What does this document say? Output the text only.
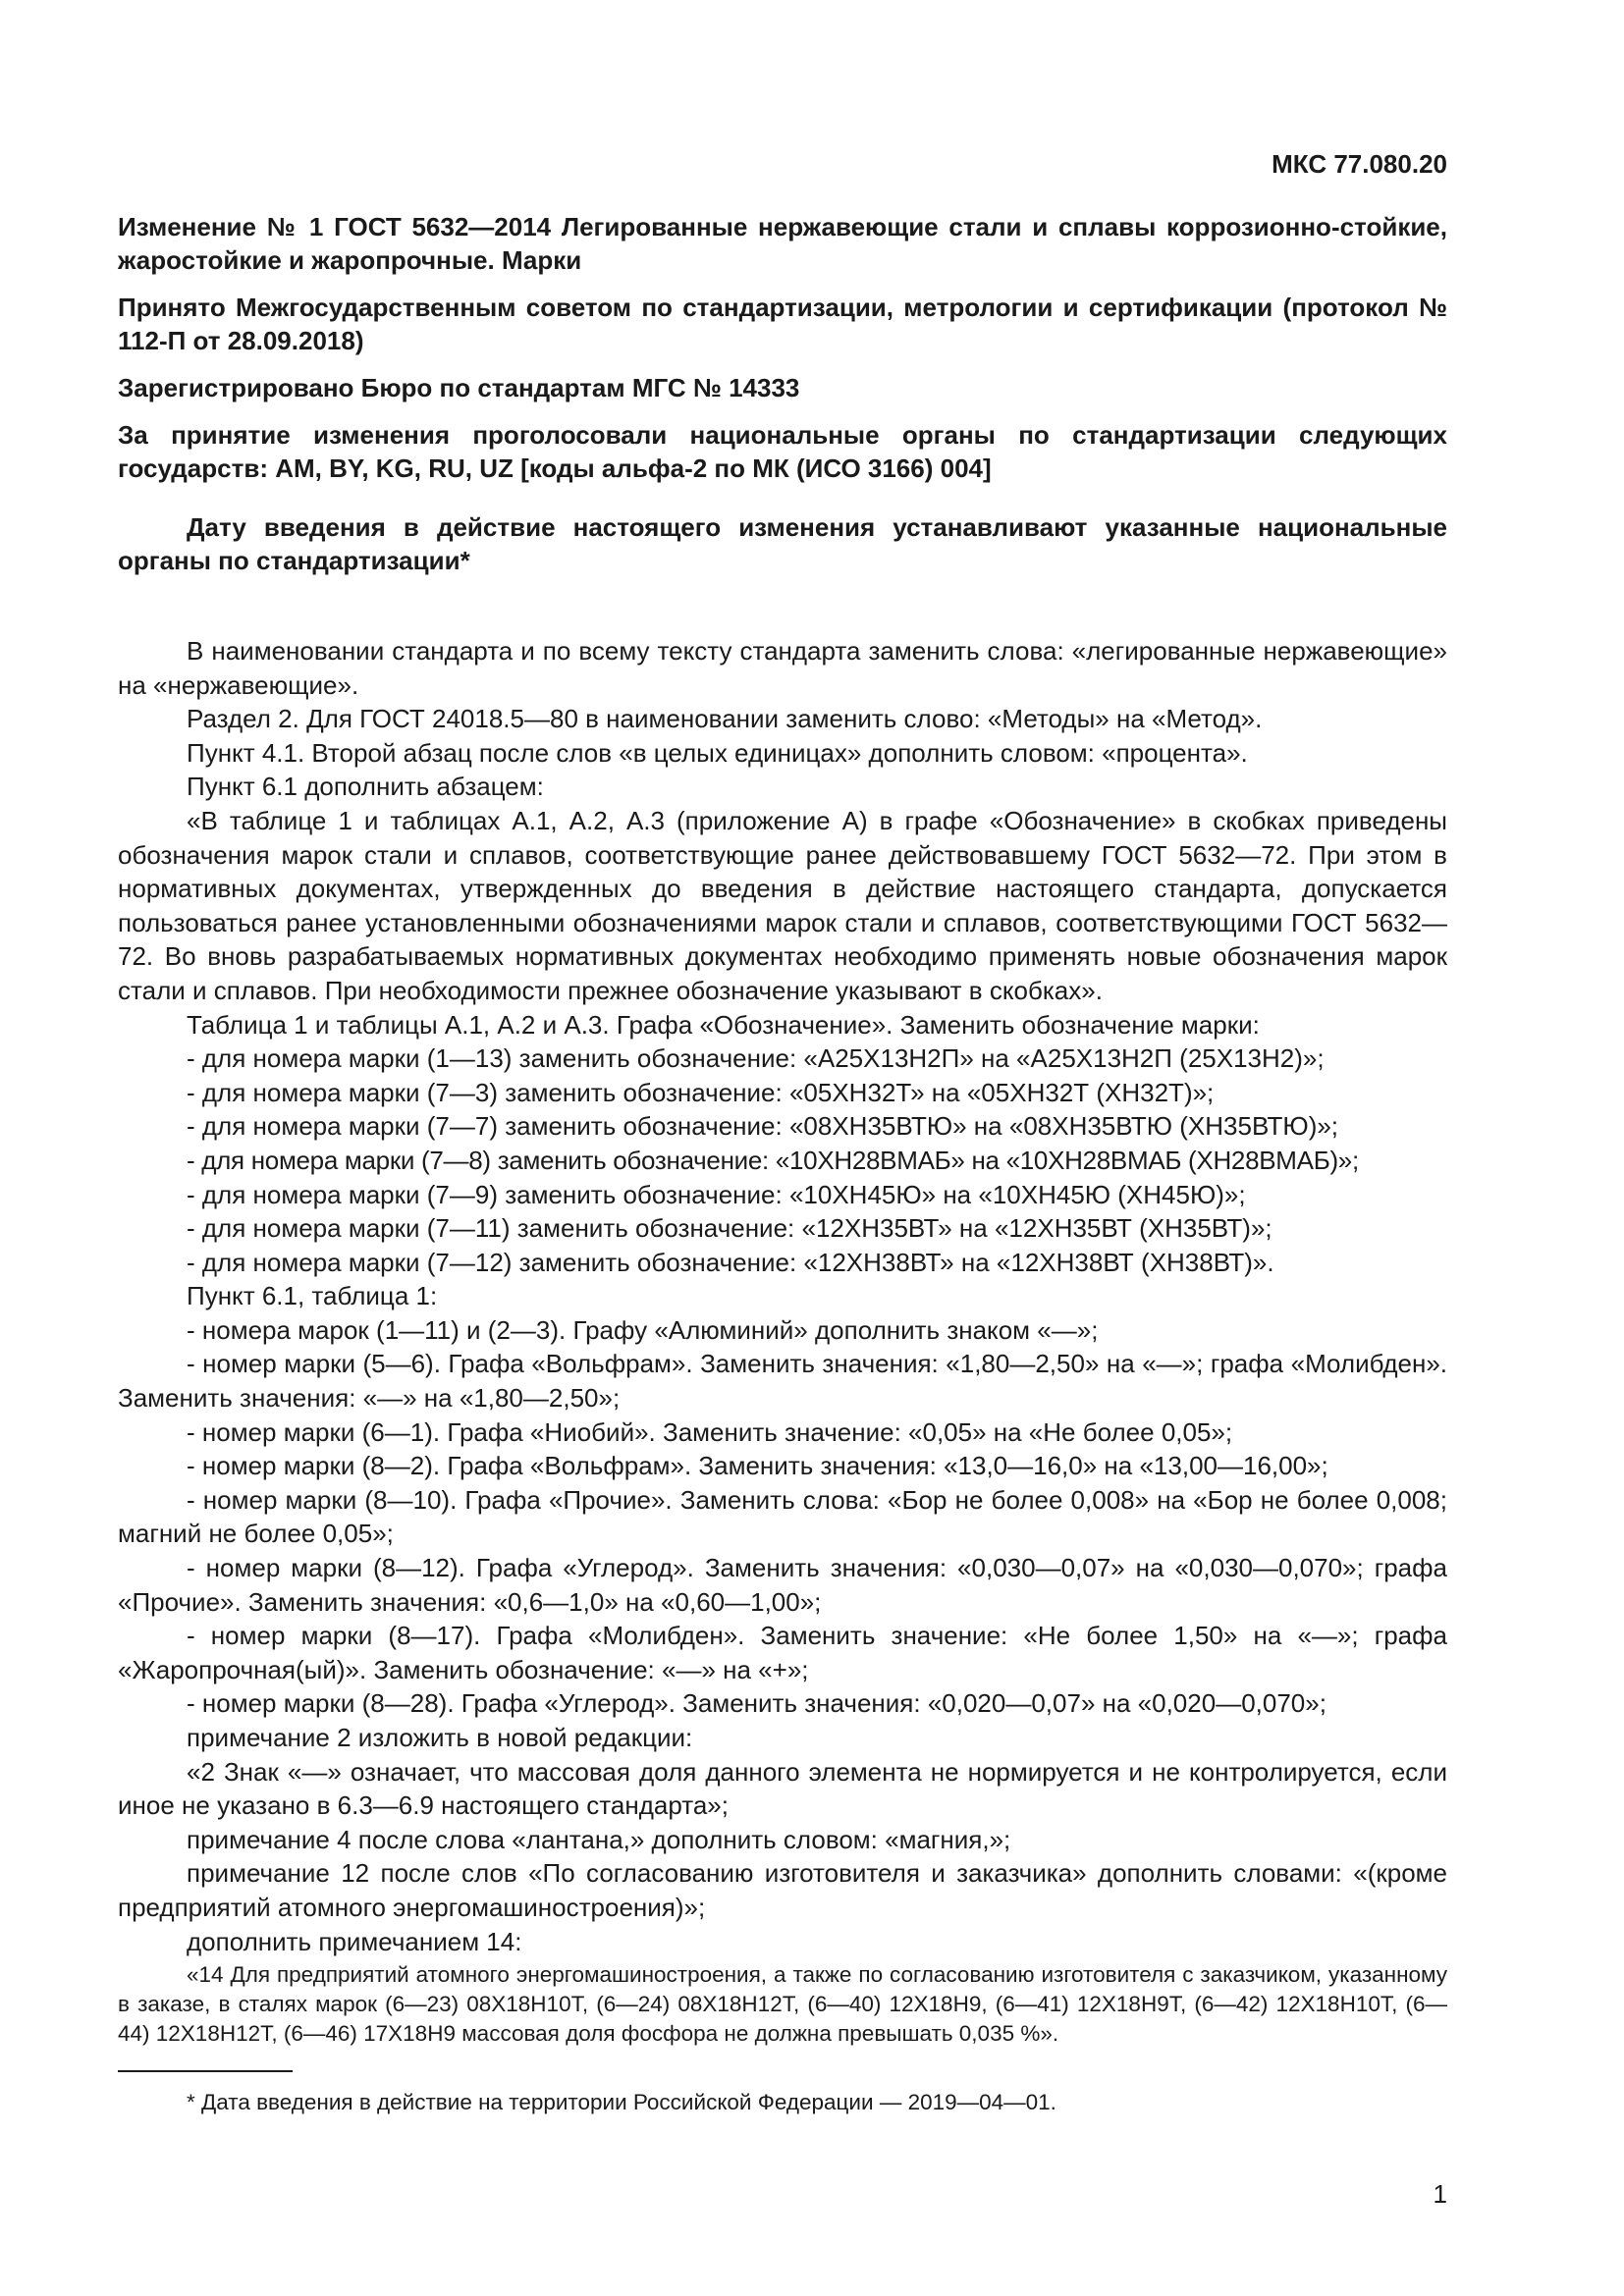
МКС 77.080.20
Изменение № 1 ГОСТ 5632—2014 Легированные нержавеющие стали и сплавы коррозионно-стойкие, жаростойкие и жаропрочные. Марки
Принято Межгосударственным советом по стандартизации, метрологии и сертификации (протокол № 112-П от 28.09.2018)
Зарегистрировано Бюро по стандартам МГС № 14333
За принятие изменения проголосовали национальные органы по стандартизации следующих государств: AM, BY, KG, RU, UZ [коды альфа-2 по МК (ИСО 3166) 004]
Дату введения в действие настоящего изменения устанавливают указанные национальные органы по стандартизации*

В наименовании стандарта и по всему тексту стандарта заменить слова: «легированные нержавеющие» на «нержавеющие».

Раздел 2. Для ГОСТ 24018.5—80 в наименовании заменить слово: «Методы» на «Метод».

Пункт 4.1. Второй абзац после слов «в целых единицах» дополнить словом: «процента».

Пункт 6.1 дополнить абзацем:

«В таблице 1 и таблицах А.1, А.2, А.3 (приложение А) в графе «Обозначение» в скобках приведены обозначения марок стали и сплавов, соответствующие ранее действовавшему ГОСТ 5632—72. При этом в нормативных документах, утвержденных до введения в действие настоящего стандарта, допускается пользоваться ранее установленными обозначениями марок стали и сплавов, соответствующими ГОСТ 5632—72. Во вновь разрабатываемых нормативных документах необходимо применять новые обозначения марок стали и сплавов. При необходимости прежнее обозначение указывают в скобках».

Таблица 1 и таблицы А.1, А.2 и А.3. Графа «Обозначение». Заменить обозначение марки:

- для номера марки (1—13) заменить обозначение: «А25Х13Н2П» на «А25Х13Н2П (25Х13Н2)»;

- для номера марки (7—3) заменить обозначение: «05ХН32Т» на «05ХН32Т (ХН32Т)»;

- для номера марки (7—7) заменить обозначение: «08ХН35ВТЮ» на «08ХН35ВТЮ (ХН35ВТЮ)»;

- для номера марки (7—8) заменить обозначение: «10ХН28ВМАБ» на «10ХН28ВМАБ (ХН28ВМАБ)»;

- для номера марки (7—9) заменить обозначение: «10ХН45Ю» на «10ХН45Ю (ХН45Ю)»;

- для номера марки (7—11) заменить обозначение: «12ХН35ВТ» на «12ХН35ВТ (ХН35ВТ)»;

- для номера марки (7—12) заменить обозначение: «12ХН38ВТ» на «12ХН38ВТ (ХН38ВТ)».

Пункт 6.1, таблица 1:

- номера марок (1—11) и (2—3). Графу «Алюминий» дополнить знаком «—»;

- номер марки (5—6). Графа «Вольфрам». Заменить значения: «1,80—2,50» на «—»; графа «Молибден». Заменить значения: «—» на «1,80—2,50»;

- номер марки (6—1). Графа «Ниобий». Заменить значение: «0,05» на «Не более 0,05»;

- номер марки (8—2). Графа «Вольфрам». Заменить значения: «13,0—16,0» на «13,00—16,00»;

- номер марки (8—10). Графа «Прочие». Заменить слова: «Бор не более 0,008» на «Бор не более 0,008; магний не более 0,05»;

- номер марки (8—12). Графа «Углерод». Заменить значения: «0,030—0,07» на «0,030—0,070»; графа «Прочие». Заменить значения: «0,6—1,0» на «0,60—1,00»;

- номер марки (8—17). Графа «Молибден». Заменить значение: «Не более 1,50» на «—»; графа «Жаропрочная(ый)». Заменить обозначение: «—» на «+»;

- номер марки (8—28). Графа «Углерод». Заменить значения: «0,020—0,07» на «0,020—0,070»;

примечание 2 изложить в новой редакции:

«2 Знак «—» означает, что массовая доля данного элемента не нормируется и не контролируется, если иное не указано в 6.3—6.9 настоящего стандарта»;

примечание 4 после слова «лантана,» дополнить словом: «магния,»;

примечание 12 после слов «По согласованию изготовителя и заказчика» дополнить словами: «(кроме предприятий атомного энергомашиностроения)»;

дополнить примечанием 14:

«14 Для предприятий атомного энергомашиностроения, а также по согласованию изготовителя с заказчиком, указанному в заказе, в сталях марок (6—23) 08Х18Н10Т, (6—24) 08Х18Н12Т, (6—40) 12Х18Н9, (6—41) 12Х18Н9Т, (6—42) 12Х18Н10Т, (6—44) 12Х18Н12Т, (6—46) 17Х18Н9 массовая доля фосфора не должна превышать 0,035 %».

* Дата введения в действие на территории Российской Федерации — 2019—04—01.
1
